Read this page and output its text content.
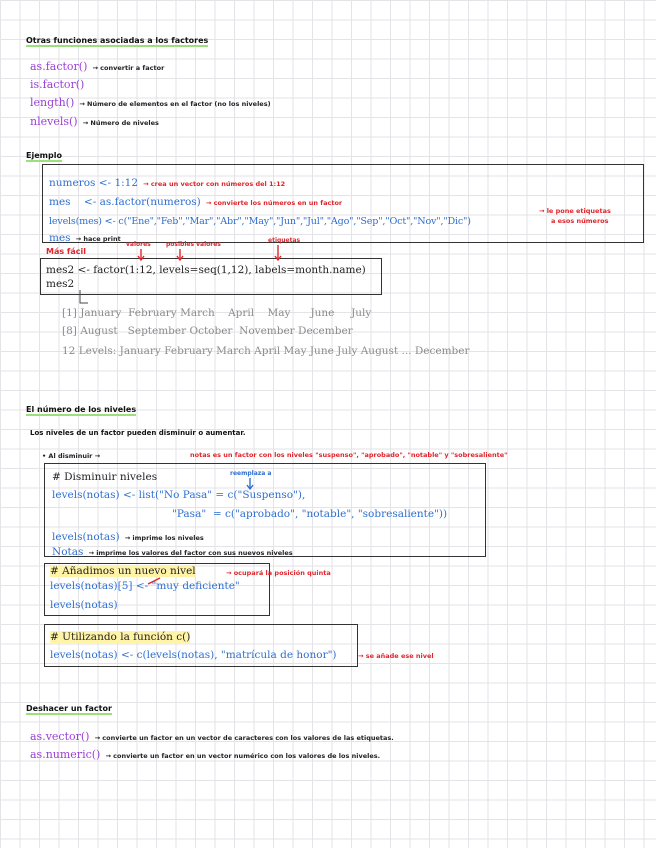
Otras funciones asociadas a los factores
as.factor() → convertir a factor
is.factor()
length() → Número de elementos en el factor (no los niveles)
nlevels() → Número de niveles
Ejemplo
numeros <- 1:12 → crea un vector con números del 1:12
mes    <- as.factor(numeros) → convierte los números en un factor
levels(mes) <- c("Ene","Feb","Mar","Abr","May","Jun","Jul","Ago","Sep","Oct","Nov","Dic")
→ le pone etiquetas
a esos números
mes → hace print
Más fácil
valores	posibles valores
etiquetas
mes2 <- factor(1:12, levels=seq(1,12), labels=month.name)
mes2
[1] January  February March    April    May      June     July
[8] August   September October  November December
12 Levels: January February March April May June July August ... December
El número de los niveles
Los niveles de un factor pueden disminuir o aumentar.
• Al disminuir →	notas es un factor con los niveles "suspenso", "aprobado", "notable" y "sobresaliente"
# Disminuir niveles	reemplaza a
levels(notas) <- list("No Pasa" = c("Suspenso"),
"Pasa"  = c("aprobado", "notable", "sobresaliente"))
levels(notas) → imprime los niveles
Notas → imprime los valores del factor con sus nuevos niveles
# Añadimos un nuevo nivel	→ ocupará la posición quinta
levels(notas)[5] <- "muy deficiente"
levels(notas)
# Utilizando la función c()
levels(notas) <- c(levels(notas), "matrícula de honor")	→ se añade ese nivel
Deshacer un factor
as.vector() → convierte un factor en un vector de caracteres con los valores de las etiquetas.
as.numeric() → convierte un factor en un vector numérico con los valores de los niveles.
